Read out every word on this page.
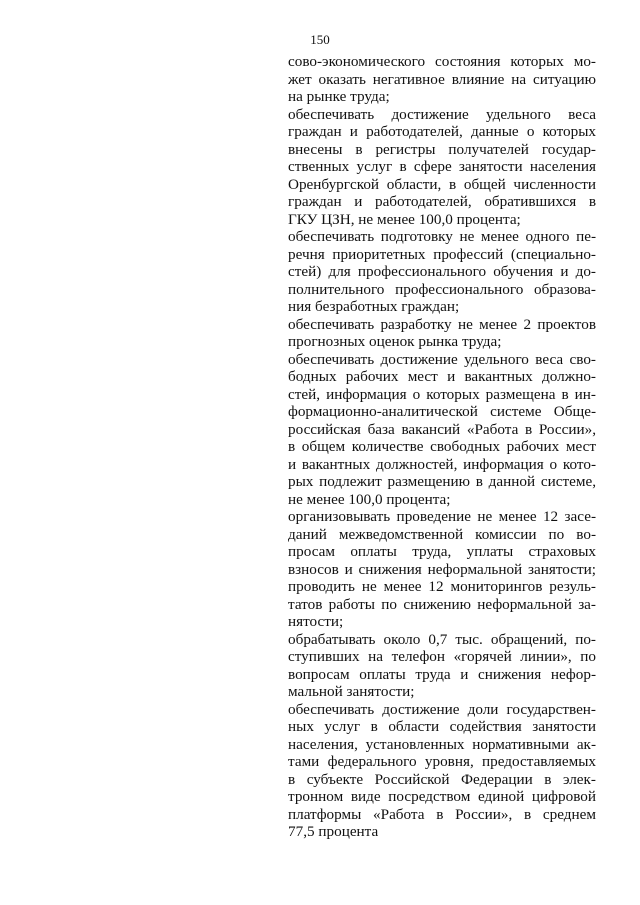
150
сово-экономического состояния которых мо-
жет оказать негативное влияние на ситуацию
на рынке труда;
обеспечивать достижение удельного веса
граждан и работодателей, данные о которых
внесены в регистры получателей государ-
ственных услуг в сфере занятости населения
Оренбургской области, в общей численности
граждан и работодателей, обратившихся в
ГКУ ЦЗН, не менее 100,0 процента;
обеспечивать подготовку не менее одного пе-
речня приоритетных профессий (специально-
стей) для профессионального обучения и до-
полнительного профессионального образова-
ния безработных граждан;
обеспечивать разработку не менее 2 проектов
прогнозных оценок рынка труда;
обеспечивать достижение удельного веса сво-
бодных рабочих мест и вакантных должно-
стей, информация о которых размещена в ин-
формационно-аналитической системе Обще-
российская база вакансий «Работа в России»,
в общем количестве свободных рабочих мест
и вакантных должностей, информация о кото-
рых подлежит размещению в данной системе,
не менее 100,0 процента;
организовывать проведение не менее 12 засе-
даний межведомственной комиссии по во-
просам оплаты труда, уплаты страховых
взносов и снижения неформальной занятости;
проводить не менее 12 мониторингов резуль-
татов работы по снижению неформальной за-
нятости;
обрабатывать около 0,7 тыс. обращений, по-
ступивших на телефон «горячей линии», по
вопросам оплаты труда и снижения нефор-
мальной занятости;
обеспечивать достижение доли государствен-
ных услуг в области содействия занятости
населения, установленных нормативными ак-
тами федерального уровня, предоставляемых
в субъекте Российской Федерации в элек-
тронном виде посредством единой цифровой
платформы «Работа в России», в среднем
77,5 процента
